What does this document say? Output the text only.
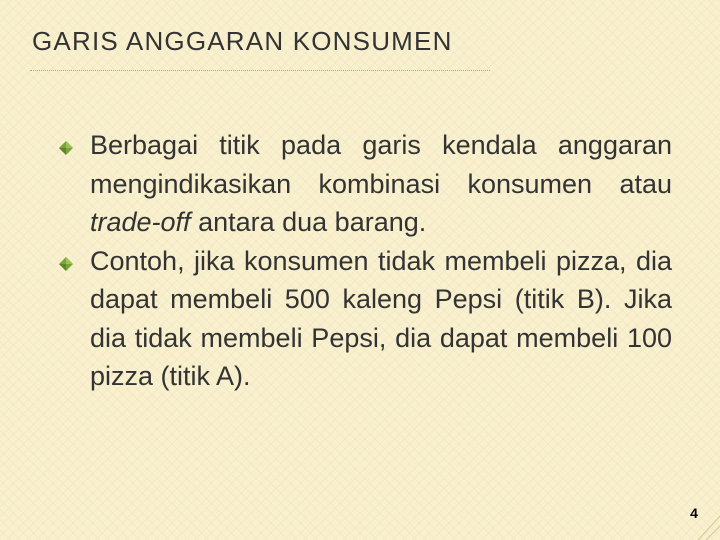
GARIS ANGGARAN KONSUMEN
Berbagai titik pada garis kendala anggaran mengindikasikan kombinasi konsumen atau trade-off antara dua barang.
Contoh, jika konsumen tidak membeli pizza, dia dapat membeli 500 kaleng Pepsi (titik B). Jika dia tidak membeli Pepsi, dia dapat membeli 100 pizza (titik A).
4
